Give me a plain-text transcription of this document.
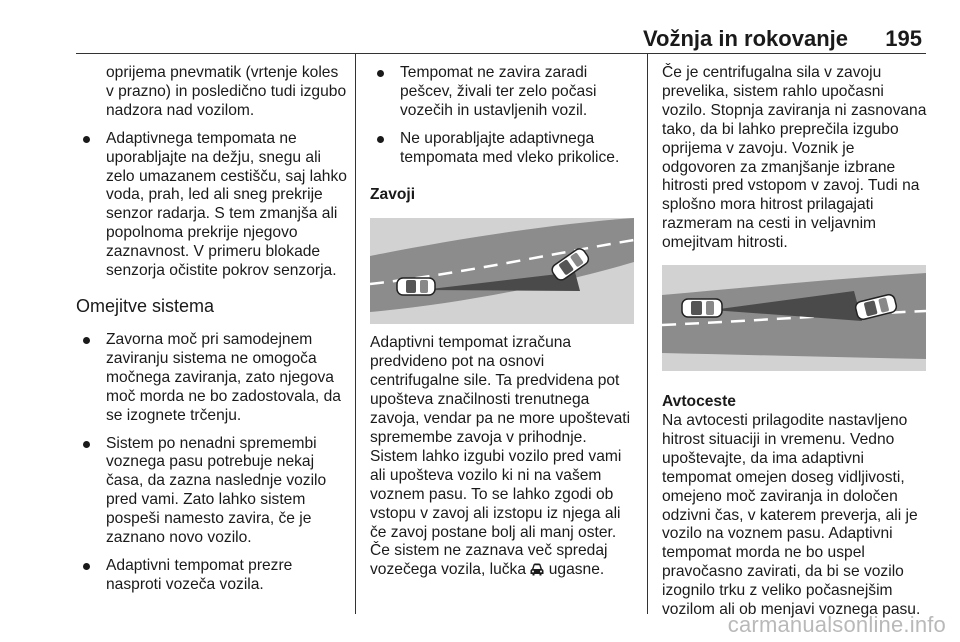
Vožnja in rokovanje 195

oprijema pnevmatik (vrtenje koles v prazno) in posledično tudi izgubo nadzora nad vozilom.

Adaptivnega tempomata ne uporabljajte na dežju, snegu ali zelo umazanem cestišču, saj lahko voda, prah, led ali sneg prekrije senzor radarja. S tem zmanjša ali popolnoma prekrije njegovo zaznavnost. V primeru blokade senzorja očistite pokrov senzorja.
Omejitve sistema
Zavorna moč pri samodejnem zaviranju sistema ne omogoča močnega zaviranja, zato njegova moč morda ne bo zadostovala, da se izognete trčenju.
Sistem po nenadni spremembi voznega pasu potrebuje nekaj časa, da zazna naslednje vozilo pred vami. Zato lahko sistem pospeši namesto zavira, če je zaznano novo vozilo.
Adaptivni tempomat prezre nasproti vozeča vozila.
Tempomat ne zavira zaradi pešcev, živali ter zelo počasi vozečih in ustavljenih vozil.
Ne uporabljajte adaptivnega tempomata med vleko prikolice.
Zavoji

Adaptivni tempomat izračuna predvideno pot na osnovi centrifugalne sile. Ta predvidena pot upošteva značilnosti trenutnega zavoja, vendar pa ne more upoštevati spremembe zavoja v prihodnje. Sistem lahko izgubi vozilo pred vami ali upošteva vozilo ki ni na vašem voznem pasu. To se lahko zgodi ob vstopu v zavoj ali izstopu iz njega ali če zavoj postane bolj ali manj oster. Če sistem ne zaznava več spredaj vozečega vozila, lučka ugasne.

Če je centrifugalna sila v zavoju prevelika, sistem rahlo upočasni vozilo. Stopnja zaviranja ni zasnovana tako, da bi lahko preprečila izgubo oprijema v zavoju. Voznik je odgovoren za zmanjšanje izbrane hitrosti pred vstopom v zavoj. Tudi na splošno mora hitrost prilagajati razmeram na cesti in veljavnim omejitvam hitrosti.

Avtoceste

Na avtocesti prilagodite nastavljeno hitrost situaciji in vremenu. Vedno upoštevajte, da ima adaptivni tempomat omejen doseg vidljivosti, omejeno moč zaviranja in določen odzivni čas, v katerem preverja, ali je vozilo na voznem pasu. Adaptivni tempomat morda ne bo uspel pravočasno zavirati, da bi se vozilo izognilo trku z veliko počasnejšim vozilom ali ob menjavi voznega pasu.

carmanualsonline.info
